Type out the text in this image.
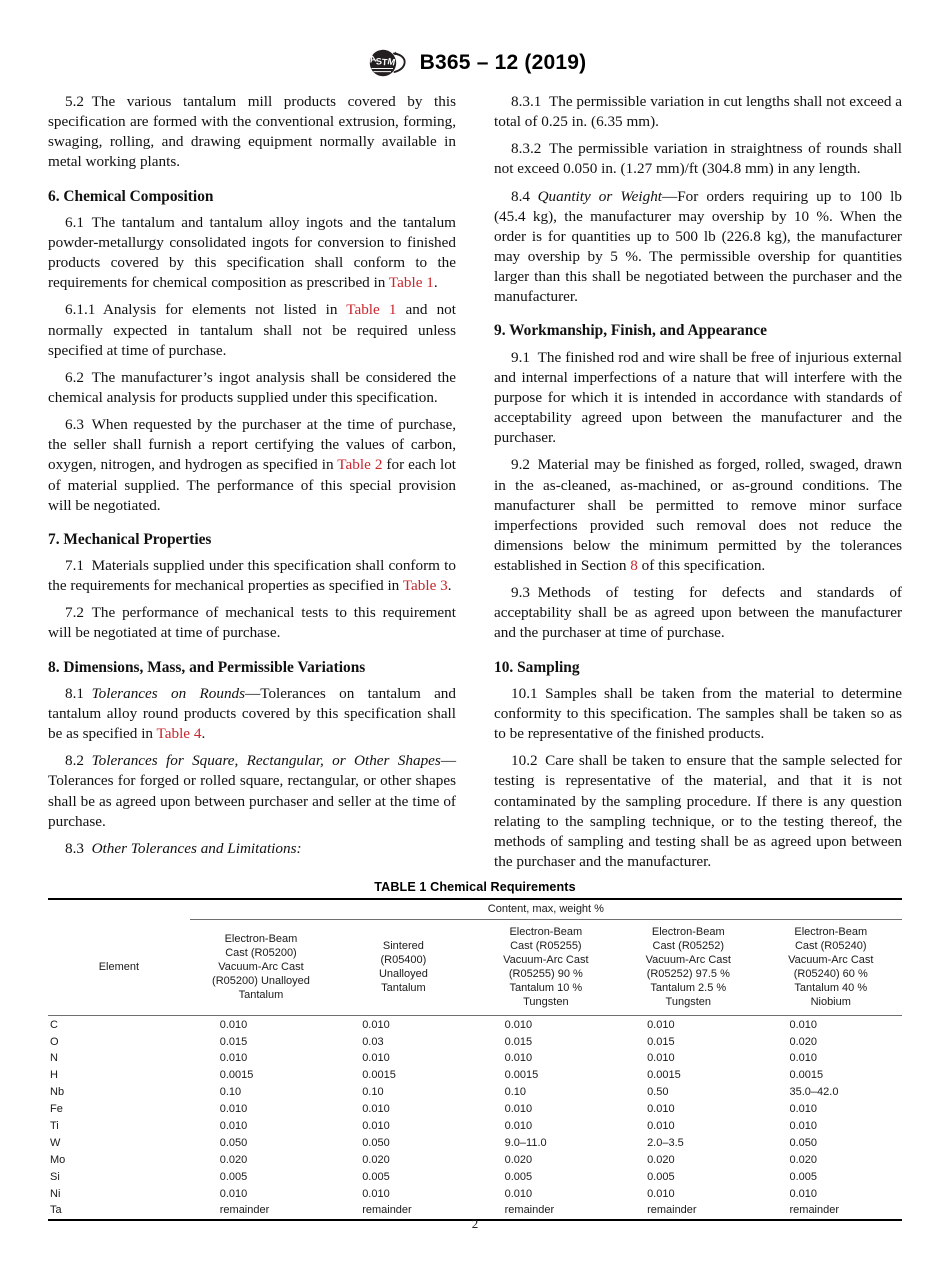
A
S T
M B365 – 12 (2019)

5.2 The various tantalum mill products covered by this specification are formed with the conventional extrusion, forming, swaging, rolling, and drawing equipment normally available in metal working plants.

6. Chemical Composition

6.1 The tantalum and tantalum alloy ingots and the tantalum powder-metallurgy consolidated ingots for conversion to finished products covered by this specification shall conform to the requirements for chemical composition as prescribed in Table 1.

6.1.1 Analysis for elements not listed in Table 1 and not normally expected in tantalum shall not be required unless specified at time of purchase.

6.2 The manufacturer’s ingot analysis shall be considered the chemical analysis for products supplied under this specification.

6.3 When requested by the purchaser at the time of purchase, the seller shall furnish a report certifying the values of carbon, oxygen, nitrogen, and hydrogen as specified in Table 2 for each lot of material supplied. The performance of this special provision will be negotiated.

7. Mechanical Properties

7.1 Materials supplied under this specification shall conform to the requirements for mechanical properties as specified in Table 3.

7.2 The performance of mechanical tests to this requirement will be negotiated at time of purchase.

8. Dimensions, Mass, and Permissible Variations

8.1  Tolerances on Rounds—Tolerances on tantalum and tantalum alloy round products covered by this specification shall be as specified in Table 4.

8.2  Tolerances for Square, Rectangular, or Other Shapes—Tolerances for forged or rolled square, rectangular, or other shapes shall be as agreed upon between purchaser and seller at the time of purchase.

8.3  Other Tolerances and Limitations:

8.3.1 The permissible variation in cut lengths shall not exceed a total of 0.25 in. (6.35 mm).

8.3.2 The permissible variation in straightness of rounds shall not exceed 0.050 in. (1.27 mm)/ft (304.8 mm) in any length.

8.4  Quantity or Weight—For orders requiring up to 100 lb (45.4 kg), the manufacturer may overship by 10 %. When the order is for quantities up to 500 lb (226.8 kg), the manufacturer may overship by 5 %. The permissible overship for quantities larger than this shall be negotiated between the purchaser and the manufacturer.

9. Workmanship, Finish, and Appearance

9.1 The finished rod and wire shall be free of injurious external and internal imperfections of a nature that will interfere with the purpose for which it is intended in accordance with standards of acceptability agreed upon between the manufacturer and the purchaser.

9.2 Material may be finished as forged, rolled, swaged, drawn in the as-cleaned, as-machined, or as-ground conditions. The manufacturer shall be permitted to remove minor surface imperfections provided such removal does not reduce the dimensions below the minimum permitted by the tolerances established in Section 8 of this specification.

9.3 Methods of testing for defects and standards of acceptability shall be as agreed upon between the manufacturer and the purchaser at time of purchase.

10. Sampling

10.1 Samples shall be taken from the material to determine conformity to this specification. The samples shall be taken so as to be representative of the finished products.

10.2 Care shall be taken to ensure that the sample selected for testing is representative of the material, and that it is not contaminated by the sampling procedure. If there is any question relating to the sampling technique, or to the testing thereof, the methods of sampling and testing shall be as agreed upon between the purchaser and the manufacturer.

TABLE 1 Chemical Requirements

	Content, max, weight %				

Element	Electron-Beam
Cast (R05200)
Vacuum-Arc Cast
(R05200) Unalloyed
Tantalum	Sintered
(R05400)
Unalloyed
Tantalum	Electron-Beam
Cast (R05255)
Vacuum-Arc Cast
(R05255) 90 %
Tantalum 10 %
Tungsten	Electron-Beam
Cast (R05252)
Vacuum-Arc Cast
(R05252) 97.5 %
Tantalum 2.5 %
Tungsten	Electron-Beam
Cast (R05240)
Vacuum-Arc Cast
(R05240) 60 %
Tantalum 40 %
Niobium

C	0.010	0.010	0.010	0.010	0.010
O	0.015	0.03	0.015	0.015	0.020
N	0.010	0.010	0.010	0.010	0.010
H	0.0015	0.0015	0.0015	0.0015	0.0015
Nb	0.10	0.10	0.10	0.50	35.0–42.0
Fe	0.010	0.010	0.010	0.010	0.010
Ti	0.010	0.010	0.010	0.010	0.010
W	0.050	0.050	9.0–11.0	2.0–3.5	0.050
Mo	0.020	0.020	0.020	0.020	0.020
Si	0.005	0.005	0.005	0.005	0.005
Ni	0.010	0.010	0.010	0.010	0.010
Ta	remainder	remainder	remainder	remainder	remainder

2
